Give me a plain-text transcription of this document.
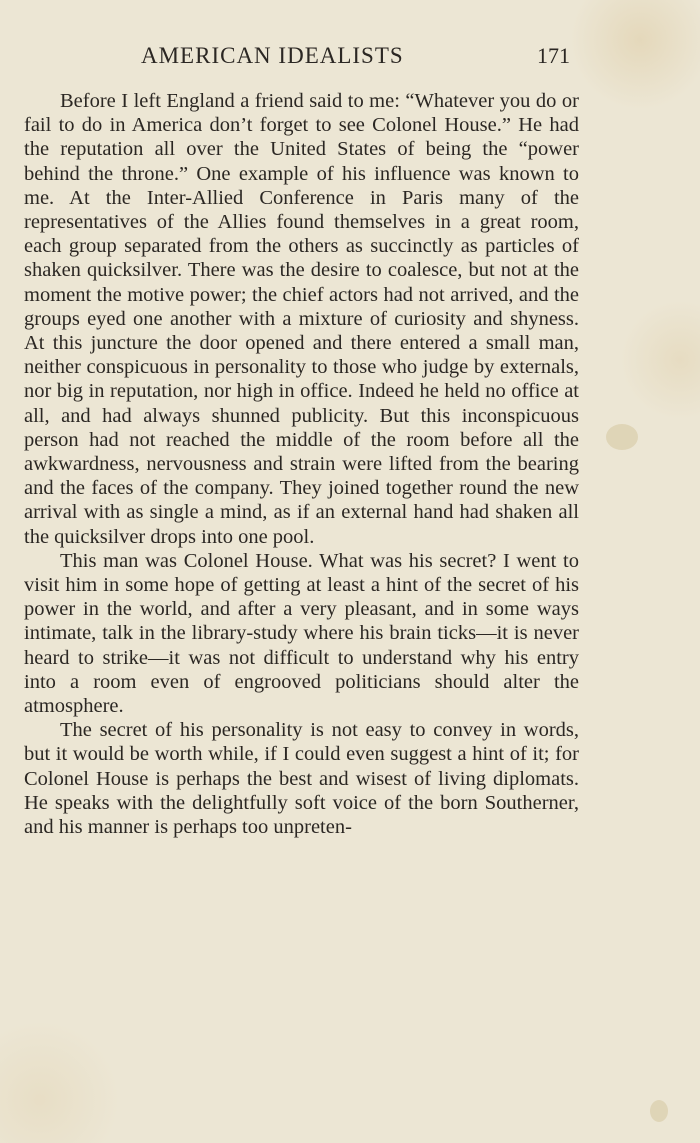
AMERICAN IDEALISTS	171

Before I left England a friend said to me: “Whatever you do or fail to do in America don’t forget to see Colonel House.” He had the reputation all over the United States of being the “power behind the throne.” One example of his influence was known to me. At the Inter-Allied Conference in Paris many of the representatives of the Allies found themselves in a great room, each group separated from the others as succinctly as particles of shaken quicksilver. There was the desire to coalesce, but not at the moment the motive power; the chief actors had not arrived, and the groups eyed one another with a mixture of curiosity and shyness. At this juncture the door opened and there entered a small man, neither conspicuous in personality to those who judge by externals, nor big in reputation, nor high in office. Indeed he held no office at all, and had always shunned publicity. But this inconspicuous person had not reached the middle of the room before all the awkwardness, nervousness and strain were lifted from the bearing and the faces of the company. They joined together round the new arrival with as single a mind, as if an external hand had shaken all the quicksilver drops into one pool.

This man was Colonel House. What was his secret? I went to visit him in some hope of getting at least a hint of the secret of his power in the world, and after a very pleasant, and in some ways intimate, talk in the library-study where his brain ticks—it is never heard to strike—it was not difficult to understand why his entry into a room even of engrooved politicians should alter the atmosphere.

The secret of his personality is not easy to convey in words, but it would be worth while, if I could even suggest a hint of it; for Colonel House is perhaps the best and wisest of living diplomats. He speaks with the delightfully soft voice of the born Southerner, and his manner is perhaps too unpreten-
